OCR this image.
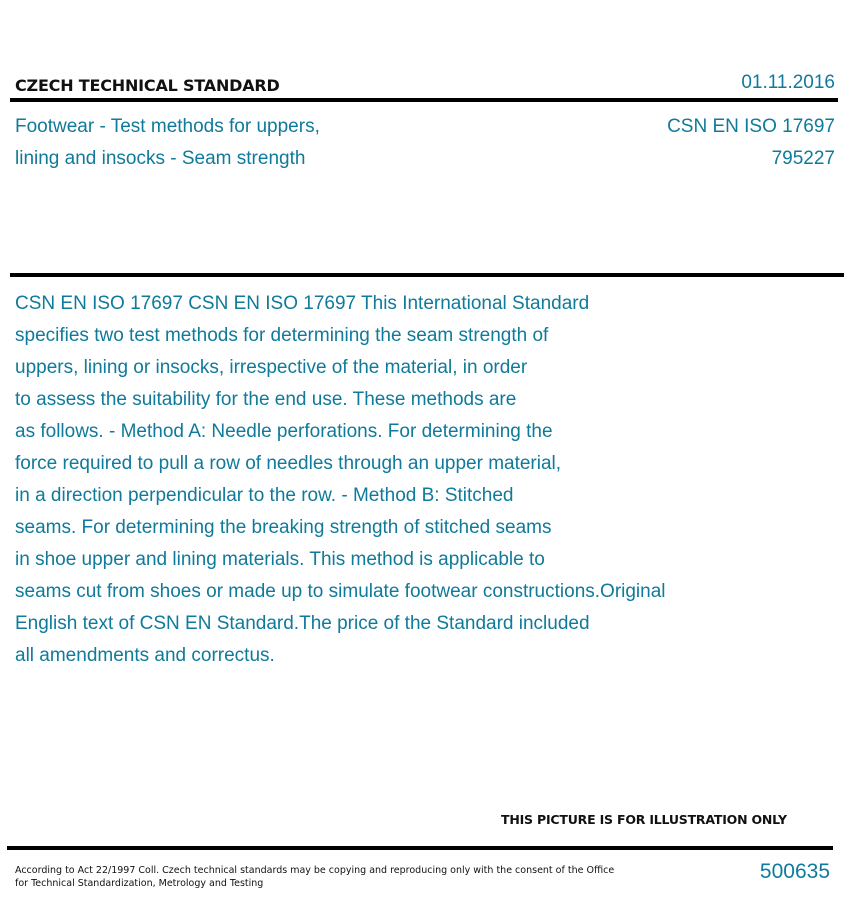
CZECH TECHNICAL STANDARD	01.11.2016
Footwear - Test methods for uppers,
lining and insocks - Seam strength
CSN EN ISO 17697
795227
CSN EN ISO 17697 CSN EN ISO 17697 This International Standard
specifies two test methods for determining the seam strength of
uppers, lining or insocks, irrespective of the material, in order
to assess the suitability for the end use. These methods are
as follows. - Method A: Needle perforations. For determining the
force required to pull a row of needles through an upper material,
in a direction perpendicular to the row. - Method B: Stitched
seams. For determining the breaking strength of stitched seams
in shoe upper and lining materials. This method is applicable to
seams cut from shoes or made up to simulate footwear constructions.Original
English text of CSN EN Standard.The price of the Standard included
all amendments and correctus.
THIS PICTURE IS FOR ILLUSTRATION ONLY
According to Act 22/1997 Coll. Czech technical standards may be copying and reproducing only with the consent of the Office
for Technical Standardization, Metrology and Testing
500635
